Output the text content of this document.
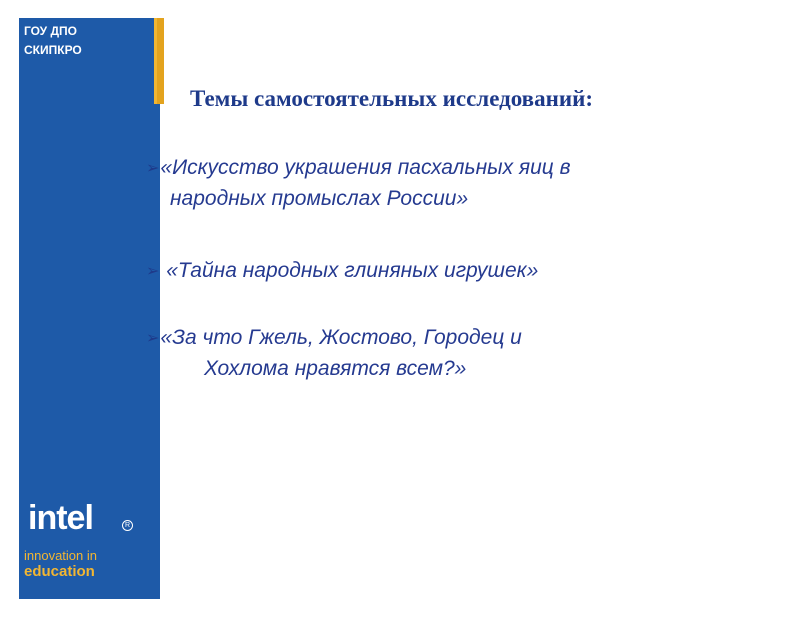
ГОУ ДПО
СКИПКРО
intel	R
innovation in
education
Темы самостоятельных исследований:
➢«Искусство украшения пасхальных яиц в
народных промыслах России»
➢ «Тайна народных глиняных игрушек»
➢«За что Гжель, Жостово, Городец и
Хохлома нравятся всем?»
